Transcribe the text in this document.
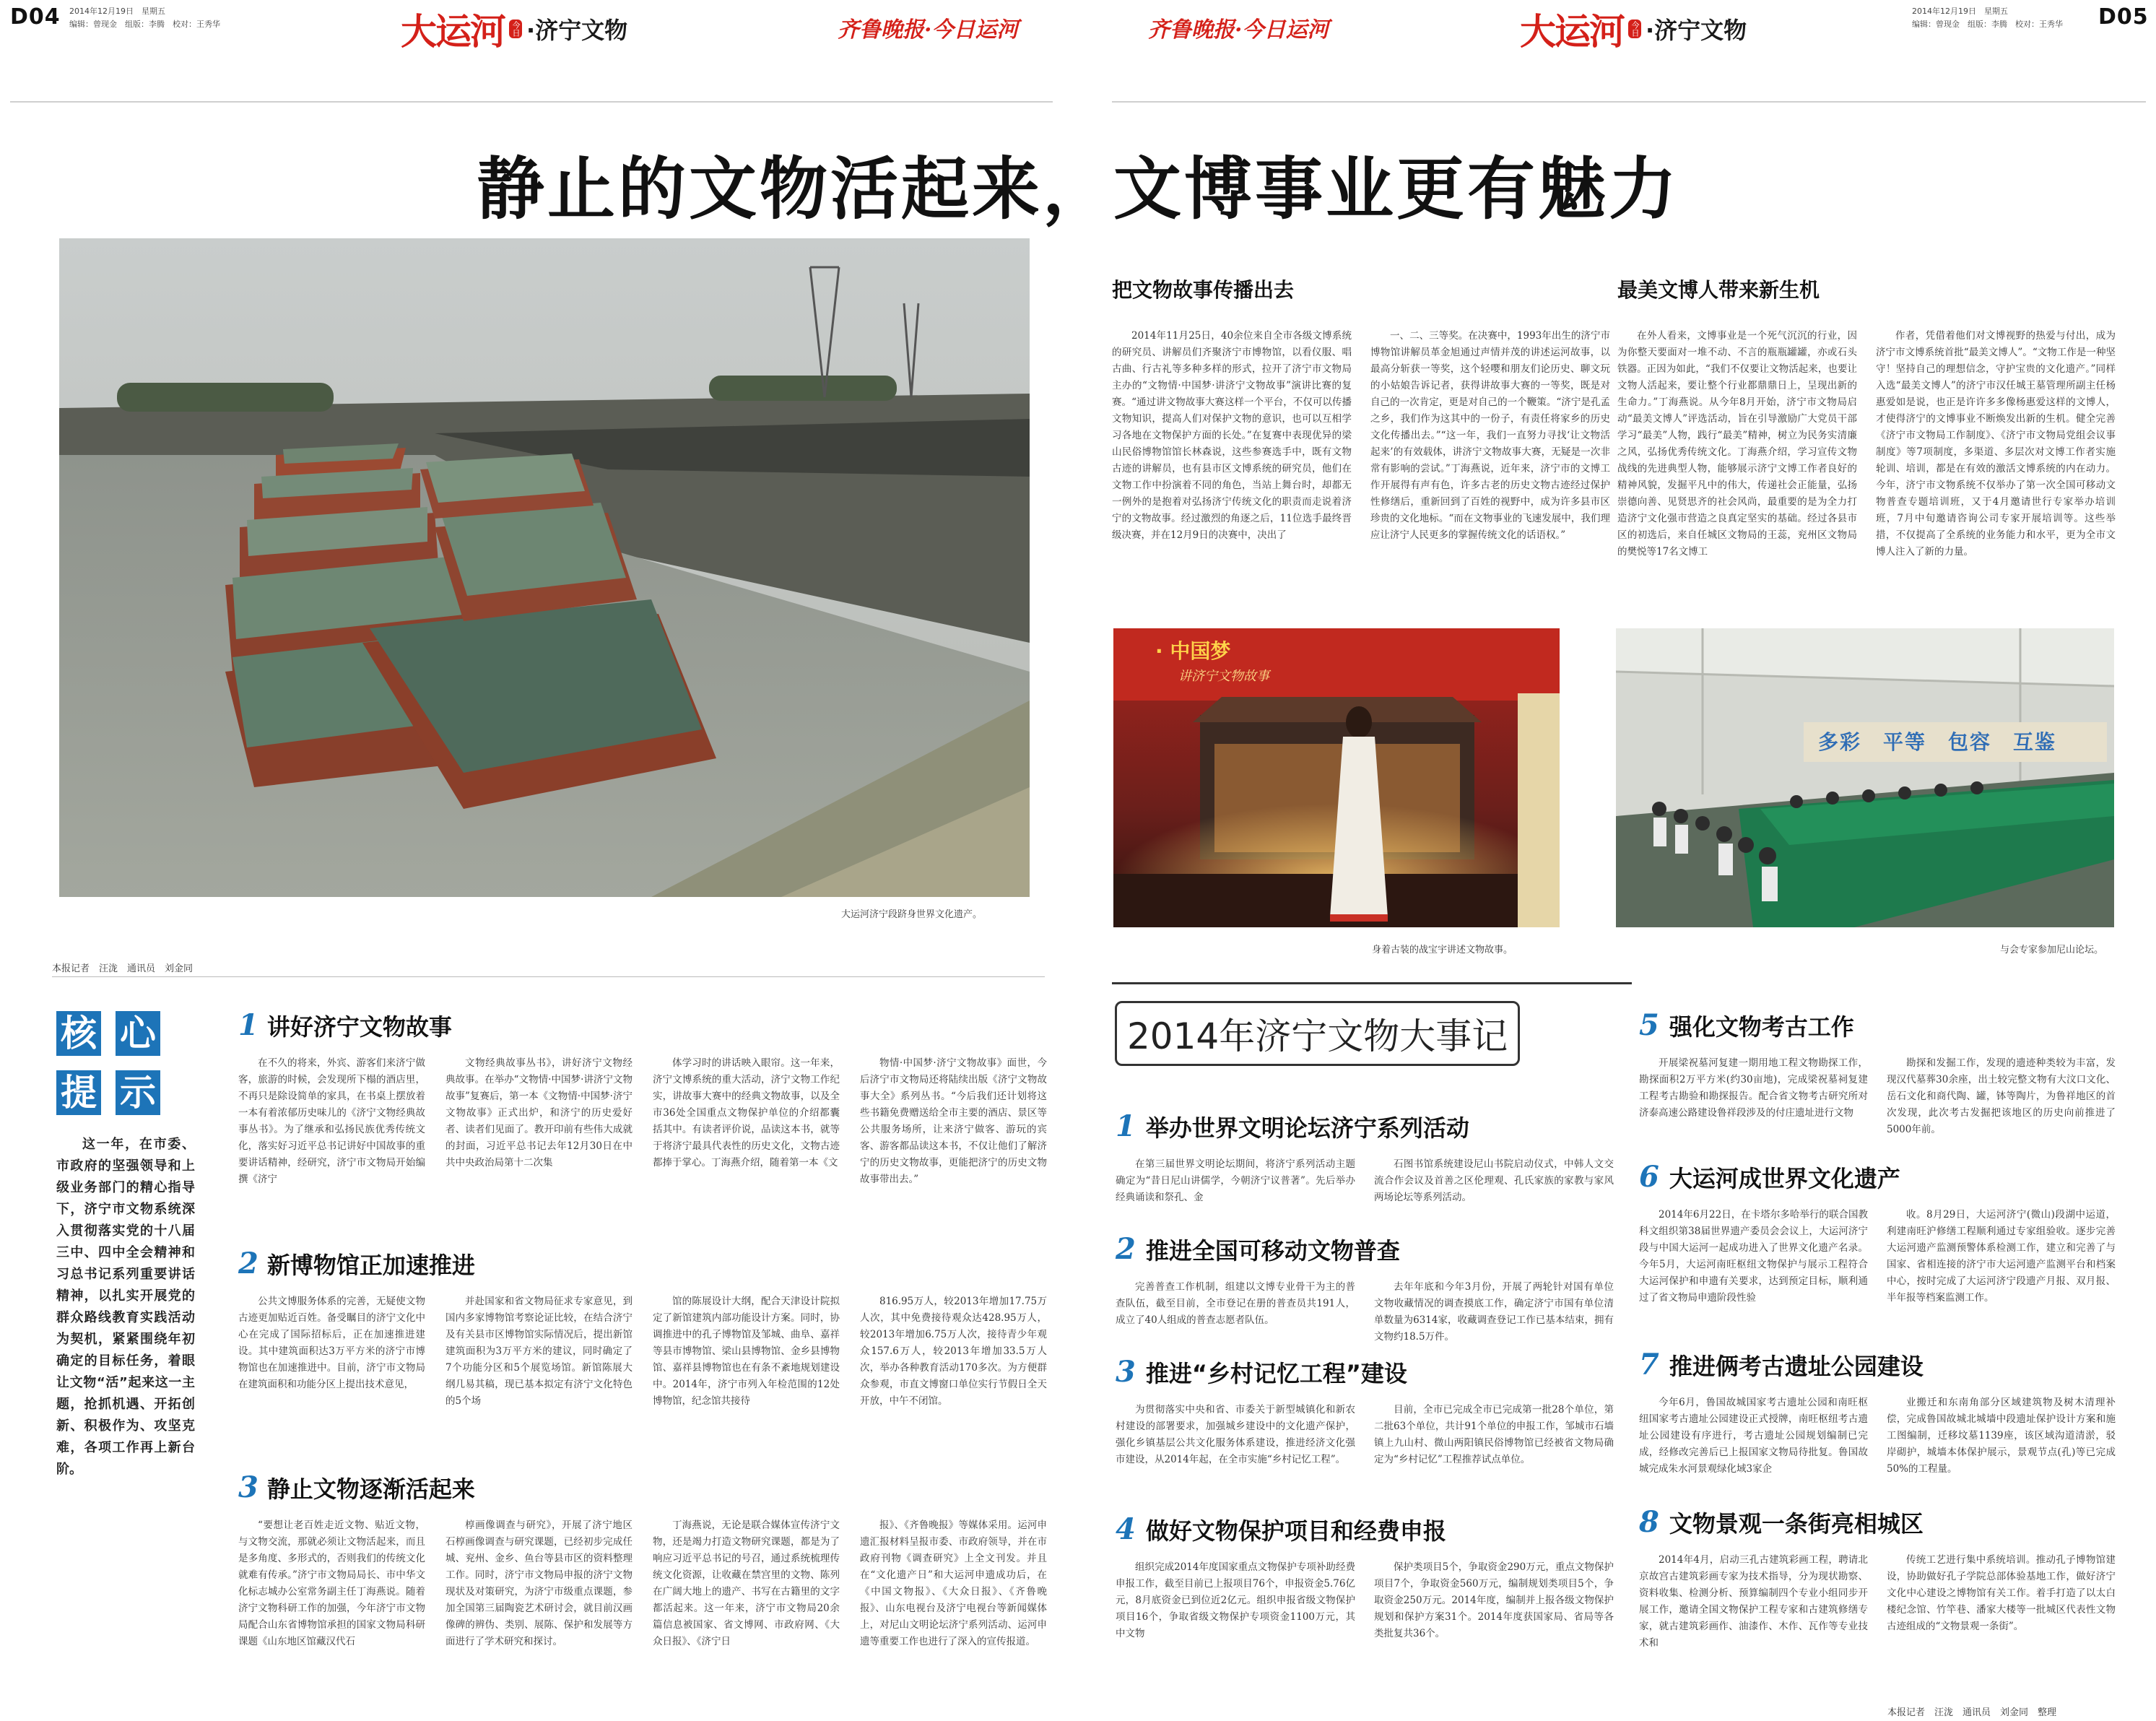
D04 2014年12月19日　 星期五
编辑：曾现金　组版：李腾　校对：王秀华	大运河 今日 ·济宁文物	齐鲁晚报·今日运河	齐鲁晚报·今日运河	大运河 今日 ·济宁文物
2014年12月19日　 星期五
编辑：曾现金　组版：李腾　校对：王秀华 D05
静止的文物活起来，文博事业更有魅力
大运河济宁段跻身世界文化遗产。
本报记者　汪泷　通讯员　刘金同
核 心
提 示
这一年，在市委、市政府的坚强领导和上级业务部门的精心指导下，济宁市文物系统深入贯彻落实党的十八届三中、四中全会精神和习总书记系列重要讲话精神，以扎实开展党的群众路线教育实践活动为契机，紧紧围绕年初确定的目标任务，着眼让文物“活”起来这一主题，抢抓机遇、开拓创新、积极作为、攻坚克难，各项工作再上新台阶。
1 讲好济宁文物故事

在不久的将来，外宾、游客们来济宁做客，旅游的时候，会发现所下榻的酒店里，不再只是除设简单的家具，在书桌上摆放着一本有着浓郁历史味儿的《济宁文物经典故事丛书》。为了继承和弘扬民族优秀传统文化，落实好习近平总书记讲好中国故事的重要讲话精神，经研究，济宁市文物局开始编撰《济宁

文物经典故事丛书》，讲好济宁文物经典故事。在举办“文物情·中国梦·讲济宁文物故事”复赛后，第一本《文物情·中国梦·济宁文物故事》正式出炉，和济宁的历史爱好者、读者们见面了。教开印前有些伟大成就的封面，习近平总书记去年12月30日在中共中央政治局第十二次集

体学习时的讲话映入眼帘。这一年来，济宁文博系统的重大活动，济宁文物工作纪实，讲故事大赛中的经典文物故事，以及全市36处全国重点文物保护单位的介绍都囊括其中。有读者评价说，品读这本书，就等于将济宁最具代表性的历史文化，文物古迹都捧于掌心。丁海燕介绍，随着第一本《文

物情·中国梦·济宁文物故事》面世，今后济宁市文物局还将陆续出版《济宁文物故事大全》系列丛书。“今后我们还计划将这些书籍免费赠送给全市主要的酒店、景区等公共服务场所，让来济宁做客、游玩的宾客、游客都品读这本书，不仅让他们了解济宁的历史文物故事，更能把济宁的历史文物故事带出去。”

2 新博物馆正加速推进

公共文博服务体系的完善，无疑使文物古迹更加贴近百姓。备受瞩目的济宁文化中心在完成了国际招标后，正在加速推进建设。其中建筑面积达3万平方米的济宁市博物馆也在加速推进中。目前，济宁市文物局在建筑面积和功能分区上提出技术意见，

并赴国家和省文物局征求专家意见，到国内多家博物馆考察论证比较，在结合济宁及有关县市区博物馆实际情况后，提出新馆建筑面积为3万平方米的建议，同时确定了7个功能分区和5个展览场馆。新馆陈展大纲几易其稿，现已基本拟定有济宁文化特色的5个场

馆的陈展设计大纲，配合天津设计院拟定了新馆建筑内部功能设计方案。同时，协调推进中的孔子博物馆及邹城、曲阜、嘉祥等县市博物馆、梁山县博物馆、金乡县博物馆、嘉祥县博物馆也在有条不紊地规划建设中。2014年，济宁市列入年检范围的12处博物馆，纪念馆共接待

816.95万人，较2013年增加17.75万人次，其中免费接待观众达428.95万人，较2013年增加6.75万人次，接待青少年观众157.6万人，较2013年增加33.5万人次，举办各种教育活动170多次。为方便群众参观，市直文博窗口单位实行节假日全天开放，中午不闭馆。

3 静止文物逐渐活起来

“要想让老百姓走近文物、贴近文物，与文物交流，那就必须让文物活起来，而且是多角度、多形式的，否则我们的传统文化就难有传承。”济宁市文物局局长、市中华文化标志城办公室常务副主任丁海燕说。随着济宁文物科研工作的加强，今年济宁市文物局配合山东省博物馆承担的国家文物局科研课题《山东地区馆藏汉代石

椁画像调查与研究》，开展了济宁地区石椁画像调查与研究课题，已经初步完成任城、兖州、金乡、鱼台等县市区的资料整理工作。同时，济宁市文物局申报的济宁文物现状及对策研究，为济宁市级重点课题，参加全国第三届陶瓷艺术研讨会，就目前汉画像碑的辨伪、类别、展陈、保护和发展等方面进行了学术研究和探讨。

丁海燕说，无论是联合媒体宣传济宁文物，还是竭力打造文物研究课题，都是为了响应习近平总书记的号召，通过系统梳理传统文化资源，让收藏在禁宫里的文物、陈列在广阔大地上的遗产、书写在古籍里的文字都活起来。这一年来，济宁市文物局20余篇信息被国家、省文博网、市政府网、《大众日报》、《济宁日

报》、《齐鲁晚报》等媒体采用。运河申遗汇报材料呈报市委、市政府领导，并在市政府刊物《调查研究》上全文刊发。并且在“文化遗产日”和大运河申遗成功后，在《中国文物报》、《大众日报》、《齐鲁晚报》、山东电视台及济宁电视台等新闻媒体上，对尼山文明论坛济宁系列活动、运河申遗等重要工作也进行了深入的宣传报道。

把文物故事传播出去

2014年11月25日，40余位来自全市各级文博系统的研究员、讲解员们齐聚济宁市博物馆，以看仪服、唱古曲、行古礼等多种多样的形式，拉开了济宁市文物局主办的“文物情·中国梦·讲济宁文物故事”演讲比赛的复赛。“通过讲文物故事大赛这样一个平台，不仅可以传播文物知识，提高人们对保护文物的意识，也可以互相学习各地在文物保护方面的长处。”在复赛中表现优异的梁山民俗博物馆馆长林森说，这些参赛选手中，既有文物古迹的讲解员，也有县市区文博系统的研究员，他们在文物工作中扮演着不同的角色，当站上舞台时，却都无一例外的是抱着对弘扬济宁传统文化的职责而走说着济宁的文物故事。经过激烈的角逐之后，11位选手最终晋级决赛，并在12月9日的决赛中，决出了

一、二、三等奖。在决赛中，1993年出生的济宁市博物馆讲解员革金旭通过声情并茂的讲述运河故事，以最高分斩获一等奖，这个轻嘤和朋友们论历史、聊文玩的小姑娘告诉记者，获得讲故事大赛的一等奖，既是对自己的一次肯定，更是对自己的一个鞭策。“济宁是孔孟之乡，我们作为这其中的一份子，有责任将家乡的历史文化传播出去。”“这一年，我们一直努力寻找‘让文物活起来’的有效载体，讲济宁文物故事大赛，无疑是一次非常有影响的尝试。”丁海燕说，近年来，济宁市的文博工作开展得有声有色，许多古老的历史文物古迹经过保护性修缮后，重新回到了百姓的视野中，成为许多县市区珍贵的文化地标。“而在文物事业的飞速发展中，我们理应让济宁人民更多的掌握传统文化的话语权。”

最美文博人带来新生机

在外人看来，文博事业是一个死气沉沉的行业，因为你整天要面对一堆不动、不言的瓶瓶罐罐，亦或石头铁器。正因为如此，“我们不仅要让文物活起来，也要让文物人活起来，要让整个行业都鼎鼎日上，呈现出新的生命力。”丁海燕说。从今年8月开始，济宁市文物局启动“最美文博人”评选活动，旨在引导激励广大党员干部学习“最美”人物，践行“最美”精神，树立为民务实清廉之风，弘扬优秀传统文化。丁海燕介绍，学习宣传文物战线的先进典型人物，能够展示济宁文博工作者良好的精神风貌，发掘平凡中的伟大，传递社会正能量，弘扬崇德向善、见贤思齐的社会风尚，最重要的是为全力打造济宁文化强市营造之良真定坚实的基础。经过各县市区的初选后，来自任城区文物局的王蕊，兖州区文物局的樊悦等17名文博工

作者，凭借着他们对文博视野的热爱与付出，成为济宁市文博系统首批“最美文博人”。“文物工作是一种坚守！坚持自己的理想信念，守护宝贵的文化遗产。”同样入选“最美文博人”的济宁市汉任城王墓管理所副主任杨惠爱如是说，也正是许许多多像杨惠爱这样的文博人，才使得济宁的文博事业不断焕发出新的生机。健全完善《济宁市文物局工作制度》、《济宁市文物局党组会议事制度》等7项制度，多渠道、多层次对文博工作者实施轮训、培训，都是在有效的激活文博系统的内在动力。今年，济宁市文物系统不仅举办了第一次全国可移动文物普查专题培训班，又于4月邀请世行专家举办培训班，7月中旬邀请咨询公司专家开展培训等。这些举措，不仅提高了全系统的业务能力和水平，更为全市文博人注入了新的力量。

· 中国梦
讲济宁文物故事
身着古装的战宝宇讲述文物故事。
多彩　平等　包容　互鉴
与会专家参加尼山论坛。
2014年济宁文物大事记
1 举办世界文明论坛济宁系列活动

在第三届世界文明论坛期间，将济宁系列活动主题确定为“昔日尼山讲儒学，今朝济宁议普著”。先后举办经典诵读和祭孔、金

石图书馆系统建设尼山书院启动仪式，中韩人文交流合作会议及首善之区伦理观、孔氏家族的家教与家风两场论坛等系列活动。

2 推进全国可移动文物普查

完善普查工作机制，组建以文博专业骨干为主的普查队伍，截至目前，全市登记在册的普查员共191人，成立了40人组成的普查志愿者队伍。

去年年底和今年3月份，开展了两轮针对国有单位文物收藏情况的调查摸底工作，确定济宁市国有单位清单数量为6314家，收藏调查登记工作已基本结束，拥有文物约18.5万件。

3 推进“乡村记忆工程”建设

为贯彻落实中央和省、市委关于新型城镇化和新农村建设的部署要求，加强城乡建设中的文化遗产保护，强化乡镇基层公共文化服务体系建设，推进经济文化强市建设，从2014年起，在全市实施“乡村记忆工程”。

目前，全市已完成全市已完成第一批28个单位，第二批63个单位，共计91个单位的申报工作，邹城市石墙镇上九山村、微山两阳镇民俗博物馆已经被省文物局确定为“乡村记忆”工程推荐试点单位。

4 做好文物保护项目和经费申报

组织完成2014年度国家重点文物保护专项补助经费申报工作，截至目前已上报项目76个，申报资金5.76亿元，8月底资金已到位近2亿元。组织申报省级文物保护项目16个，争取省级文物保护专项资金1100万元，其中文物

保护类项目5个，争取资金290万元，重点文物保护项目7个，争取资金560万元，编制规划类项目5个，争取资金250万元。2014年度，编制并上报各级文物保护规划和保护方案31个。2014年度获国家局、省局等各类批复共36个。

5 强化文物考古工作

开展梁祝墓河复建一期用地工程文物勘探工作，勘探面积2万平方米(约30亩地)，完成梁祝墓祠复建工程考古勘验和勘探报告。配合省文物考古研究所对济泰高速公路建设鲁祥段涉及的付庄遗址进行文物

勘探和发掘工作，发现的遗迹种类较为丰富，发现汉代墓葬30余座，出土较完整文物有大汶口文化、岳石文化和商代陶、罐，钵等陶片，为鲁祥地区的首次发现，此次考古发掘把该地区的历史向前推进了5000年前。

6 大运河成世界文化遗产

2014年6月22日，在卡塔尔多哈举行的联合国教科文组织第38届世界遗产委员会会议上，大运河济宁段与中国大运河一起成功进入了世界文化遗产名录。今年5月，大运河南旺枢纽文物保护与展示工程符合大运河保护和申遗有关要求，达到预定目标，顺利通过了省文物局申遗阶段性验

收。8月29日，大运河济宁(微山)段湖中运道，利建南旺沪修缮工程顺利通过专家组验收。逐步完善大运河遗产监测预警体系检测工作，建立和完善了与国家、省相连接的济宁市大运河遗产监测平台和档案中心，按时完成了大运河济宁段遗产月报、双月报、半年报等档案监测工作。

7 推进俩考古遗址公园建设

今年6月，鲁国故城国家考古遗址公园和南旺枢纽国家考古遗址公园建设正式授牌，南旺枢纽考古遗址公园建设有序进行，考古遗址公园规划编制已完成，经修改完善后已上报国家文物局待批复。鲁国故城完成朱水河景观绿化域3家企

业搬迁和东南角部分区域建筑物及树木清理补偿，完成鲁国故城北城墙中段遗址保护设计方案和施工图编制，迁移坟墓1139座，该区域沟道清淤，驳岸砌护，城墙本体保护展示，景观节点(孔)等已完成50%的工程量。

8 文物景观一条街亮相城区

2014年4月，启动三孔古建筑彩画工程，聘请北京故宫古建筑彩画专家为技术指导，分为现状勘察、资料收集、检测分析、预算编制四个专业小组同步开展工作，邀请全国文物保护工程专家和古建筑修缮专家，就古建筑彩画作、油漆作、木作、瓦作等专业技术和

传统工艺进行集中系统培训。推动孔子博物馆建设，协助做好孔子学院总部体验基地工作，做好济宁文化中心建设之博物馆有关工作。着手打造了以太白楼纪念馆、竹竿巷、潘家大楼等一批城区代表性文物古迹组成的“文物景观一条街”。

本报记者　汪泷　通讯员　刘金同　整理
